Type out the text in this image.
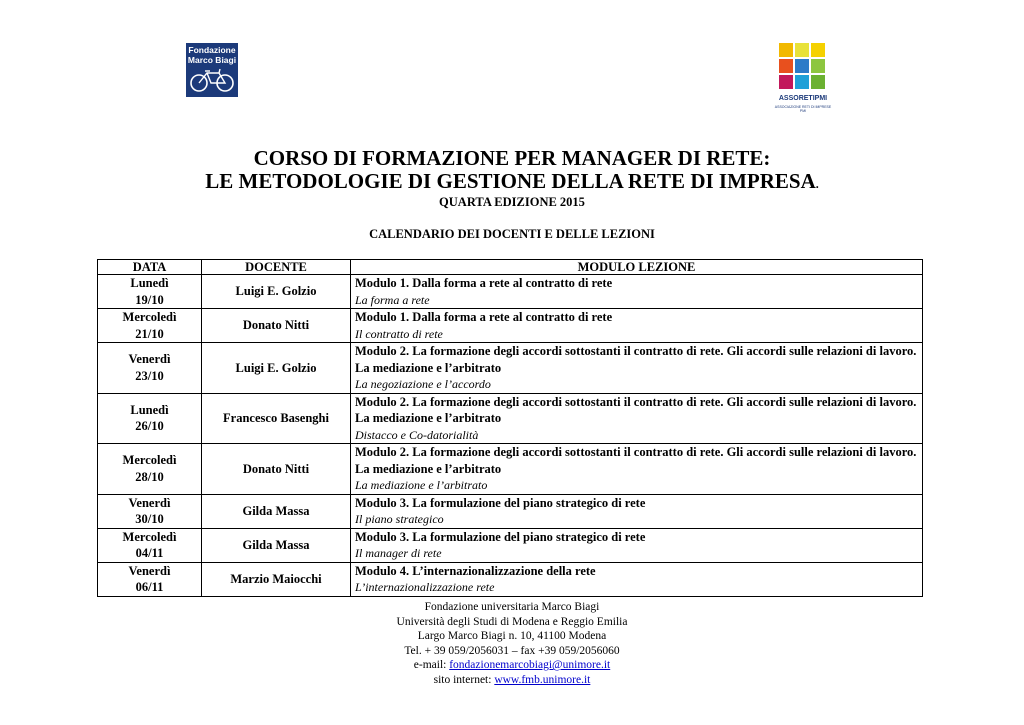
Fondazione
Marco Biagi
ASSORETIPMI
ASSOCIAZIONE RETI DI IMPRESE PMI
CORSO DI FORMAZIONE PER MANAGER DI RETE:
LE METODOLOGIE DI GESTIONE DELLA RETE DI IMPRESA.
QUARTA EDIZIONE 2015
CALENDARIO DEI DOCENTI E DELLE LEZIONI
DATA	DOCENTE	MODULO LEZIONE

Lunedì
19/10	Luigi E. Golzio	Modulo 1. Dalla forma a rete al contratto di rete
La forma a rete

Mercoledì
21/10	Donato Nitti	Modulo 1. Dalla forma a rete al contratto di rete
Il contratto di rete

Venerdì
23/10	Luigi E. Golzio	Modulo 2. La formazione degli accordi sottostanti il contratto di rete. Gli accordi sulle relazioni di lavoro. La mediazione e l’arbitrato
La negoziazione e l’accordo

Lunedì
26/10	Francesco Basenghi	Modulo 2. La formazione degli accordi sottostanti il contratto di rete. Gli accordi sulle relazioni di lavoro. La mediazione e l’arbitrato
Distacco e Co-datorialità

Mercoledì
28/10	Donato Nitti	Modulo 2. La formazione degli accordi sottostanti il contratto di rete. Gli accordi sulle relazioni di lavoro. La mediazione e l’arbitrato
La mediazione e l’arbitrato

Venerdì
30/10	Gilda Massa	Modulo 3. La formulazione del piano strategico di rete
Il piano strategico

Mercoledì
04/11	Gilda Massa	Modulo 3. La formulazione del piano strategico di rete
Il manager di rete

Venerdì
06/11	Marzio Maiocchi	Modulo 4. L’internazionalizzazione della rete
L’internazionalizzazione rete
Fondazione universitaria Marco Biagi
Università degli Studi di Modena e Reggio Emilia
Largo Marco Biagi n. 10, 41100 Modena
Tel. + 39 059/2056031 – fax +39 059/2056060
e-mail: fondazionemarcobiagi@unimore.it
sito internet: www.fmb.unimore.it
